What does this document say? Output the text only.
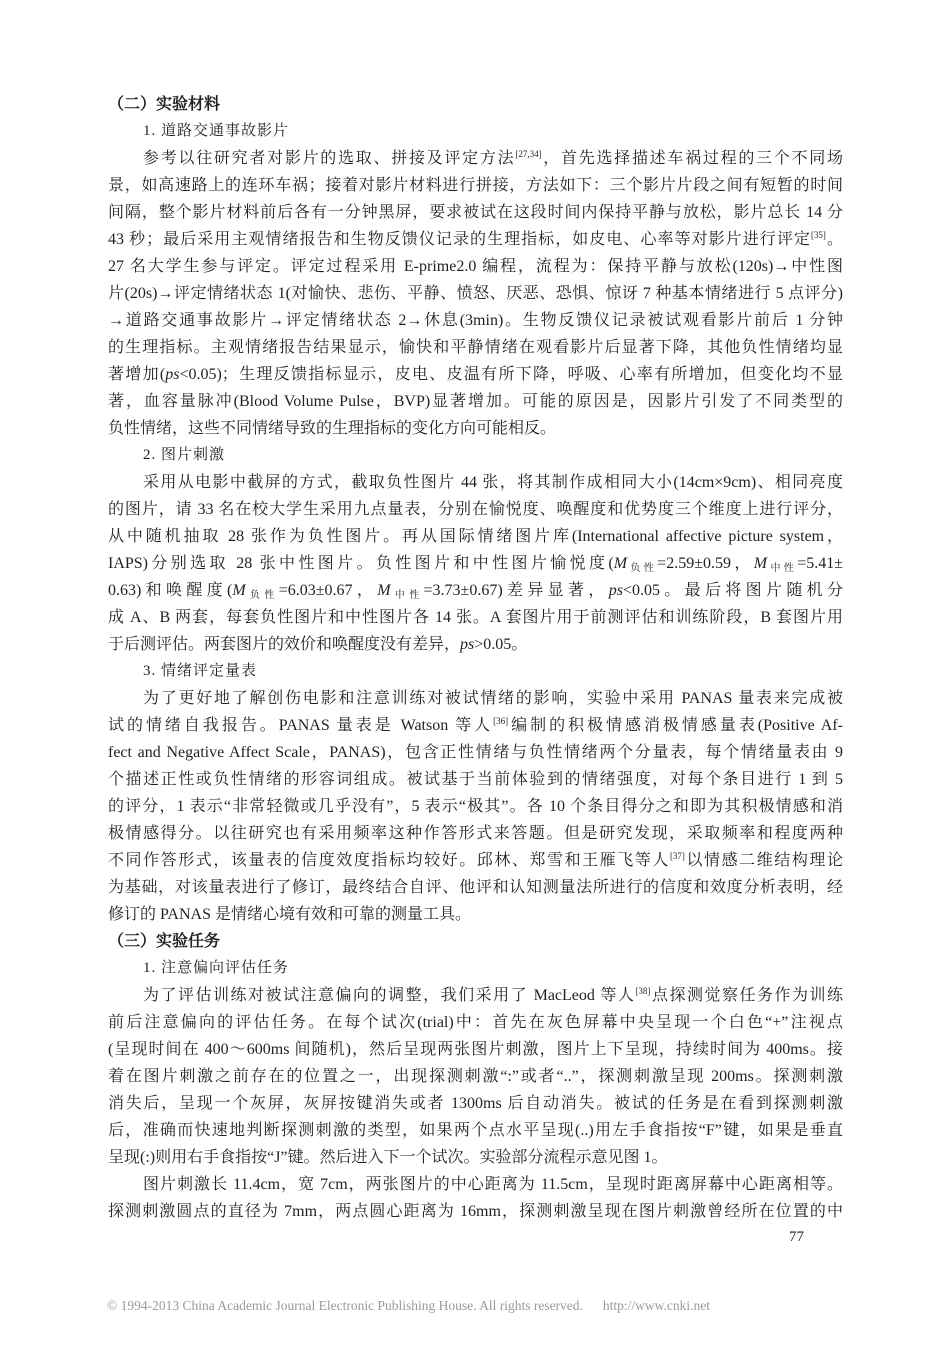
（二）实验材料
1. 道路交通事故影片
参考以往研究者对影片的选取、拼接及评定方法[27,34]，首先选择描述车祸过程的三个不同场
景，如高速路上的连环车祸；接着对影片材料进行拼接，方法如下：三个影片片段之间有短暂的时间
间隔，整个影片材料前后各有一分钟黑屏，要求被试在这段时间内保持平静与放松，影片总长 14 分
43 秒；最后采用主观情绪报告和生物反馈仪记录的生理指标，如皮电、心率等对影片进行评定[35]。
27 名大学生参与评定。评定过程采用 E-prime2.0 编程，流程为：保持平静与放松(120s)→中性图
片(20s)→评定情绪状态 1(对愉快、悲伤、平静、愤怒、厌恶、恐惧、惊讶 7 种基本情绪进行 5 点评分)
→道路交通事故影片→评定情绪状态 2→休息(3min)。生物反馈仪记录被试观看影片前后 1 分钟
的生理指标。主观情绪报告结果显示，愉快和平静情绪在观看影片后显著下降，其他负性情绪均显
著增加(ps<0.05)；生理反馈指标显示，皮电、皮温有所下降，呼吸、心率有所增加，但变化均不显
著，血容量脉冲(Blood Volume Pulse，BVP)显著增加。可能的原因是，因影片引发了不同类型的
负性情绪，这些不同情绪导致的生理指标的变化方向可能相反。
2. 图片刺激
采用从电影中截屏的方式，截取负性图片 44 张，将其制作成相同大小(14cm×9cm)、相同亮度
的图片，请 33 名在校大学生采用九点量表，分别在愉悦度、唤醒度和优势度三个维度上进行评分，
从中随机抽取 28 张作为负性图片。再从国际情绪图片库(International affective picture system，
IAPS)分别选取 28 张中性图片。负性图片和中性图片愉悦度($M_{负性}=2.59\pm 0.59$，$M_{中性}=5.41\pm$
0.63)和唤醒度($M_{负性}=6.03\pm 0.67$，$M_{中性}=3.73\pm 0.67$)差异显著，ps<0.05。最后将图片随机分
成 A、B 两套，每套负性图片和中性图片各 14 张。A 套图片用于前测评估和训练阶段，B 套图片用
于后测评估。两套图片的效价和唤醒度没有差异，ps>0.05。
3. 情绪评定量表
为了更好地了解创伤电影和注意训练对被试情绪的影响，实验中采用 PANAS 量表来完成被
试的情绪自我报告。PANAS 量表是 Watson 等人[36]编制的积极情感消极情感量表(Positive Af-
fect and Negative Affect Scale，PANAS)，包含正性情绪与负性情绪两个分量表，每个情绪量表由 9
个描述正性或负性情绪的形容词组成。被试基于当前体验到的情绪强度，对每个条目进行 1 到 5
的评分，1 表示“非常轻微或几乎没有”，5 表示“极其”。各 10 个条目得分之和即为其积极情感和消
极情感得分。以往研究也有采用频率这种作答形式来答题。但是研究发现，采取频率和程度两种
不同作答形式，该量表的信度效度指标均较好。邱林、郑雪和王雁飞等人[37]以情感二维结构理论
为基础，对该量表进行了修订，最终结合自评、他评和认知测量法所进行的信度和效度分析表明，经
修订的 PANAS 是情绪心境有效和可靠的测量工具。
（三）实验任务
1. 注意偏向评估任务
为了评估训练对被试注意偏向的调整，我们采用了 MacLeod 等人[38]点探测觉察任务作为训练
前后注意偏向的评估任务。在每个试次(trial)中：首先在灰色屏幕中央呈现一个白色“+”注视点
(呈现时间在 400～600ms 间随机)，然后呈现两张图片刺激，图片上下呈现，持续时间为 400ms。接
着在图片刺激之前存在的位置之一，出现探测刺激“:”或者“..”，探测刺激呈现 200ms。探测刺激
消失后，呈现一个灰屏，灰屏按键消失或者 1300ms 后自动消失。被试的任务是在看到探测刺激
后，准确而快速地判断探测刺激的类型，如果两个点水平呈现(..)用左手食指按“F”键，如果是垂直
呈现(:)则用右手食指按“J”键。然后进入下一个试次。实验部分流程示意见图 1。
图片刺激长 11.4cm，宽 7cm，两张图片的中心距离为 11.5cm，呈现时距离屏幕中心距离相等。
探测刺激圆点的直径为 7mm，两点圆心距离为 16mm，探测刺激呈现在图片刺激曾经所在位置的中
77
© 1994-2013 China Academic Journal Electronic Publishing House. All rights reserved. http://www.cnki.net
